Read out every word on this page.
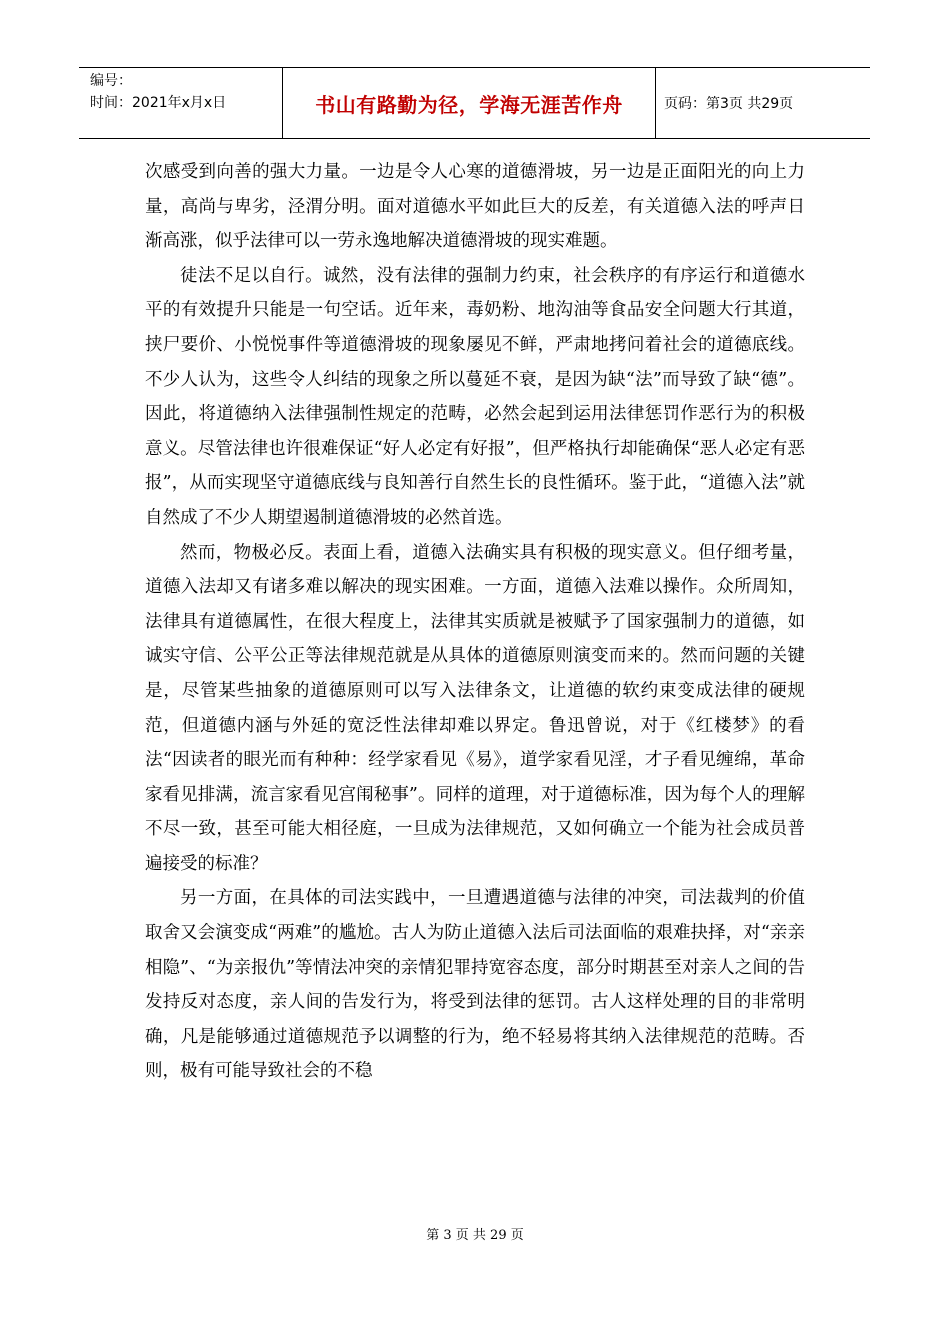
编号：
时间：2021年x月x日	书山有路勤为径，学海无涯苦作舟	页码：第3页 共29页

次感受到向善的强大力量。一边是令人心寒的道德滑坡，另一边是正面阳光的向上力量，高尚与卑劣，泾渭分明。面对道德水平如此巨大的反差，有关道德入法的呼声日渐高涨，似乎法律可以一劳永逸地解决道德滑坡的现实难题。

徒法不足以自行。诚然，没有法律的强制力约束，社会秩序的有序运行和道德水平的有效提升只能是一句空话。近年来，毒奶粉、地沟油等食品安全问题大行其道，挟尸要价、小悦悦事件等道德滑坡的现象屡见不鲜，严肃地拷问着社会的道德底线。不少人认为，这些令人纠结的现象之所以蔓延不衰，是因为缺“法”而导致了缺“德”。因此，将道德纳入法律强制性规定的范畴，必然会起到运用法律惩罚作恶行为的积极意义。尽管法律也许很难保证“好人必定有好报”，但严格执行却能确保“恶人必定有恶报”，从而实现坚守道德底线与良知善行自然生长的良性循环。鉴于此，“道德入法”就自然成了不少人期望遏制道德滑坡的必然首选。

然而，物极必反。表面上看，道德入法确实具有积极的现实意义。但仔细考量，道德入法却又有诸多难以解决的现实困难。一方面，道德入法难以操作。众所周知，法律具有道德属性，在很大程度上，法律其实质就是被赋予了国家强制力的道德，如诚实守信、公平公正等法律规范就是从具体的道德原则演变而来的。然而问题的关键是，尽管某些抽象的道德原则可以写入法律条文，让道德的软约束变成法律的硬规范，但道德内涵与外延的宽泛性法律却难以界定。鲁迅曾说，对于《红楼梦》的看法“因读者的眼光而有种种：经学家看见《易》，道学家看见淫，才子看见缠绵，革命家看见排满，流言家看见宫闱秘事”。同样的道理，对于道德标准，因为每个人的理解不尽一致，甚至可能大相径庭，一旦成为法律规范，又如何确立一个能为社会成员普遍接受的标准？

另一方面，在具体的司法实践中，一旦遭遇道德与法律的冲突，司法裁判的价值取舍又会演变成“两难”的尴尬。古人为防止道德入法后司法面临的艰难抉择，对“亲亲相隐”、“为亲报仇”等情法冲突的亲情犯罪持宽容态度，部分时期甚至对亲人之间的告发持反对态度，亲人间的告发行为，将受到法律的惩罚。古人这样处理的目的非常明确，凡是能够通过道德规范予以调整的行为，绝不轻易将其纳入法律规范的范畴。否则，极有可能导致社会的不稳

第 3 页 共 29 页
